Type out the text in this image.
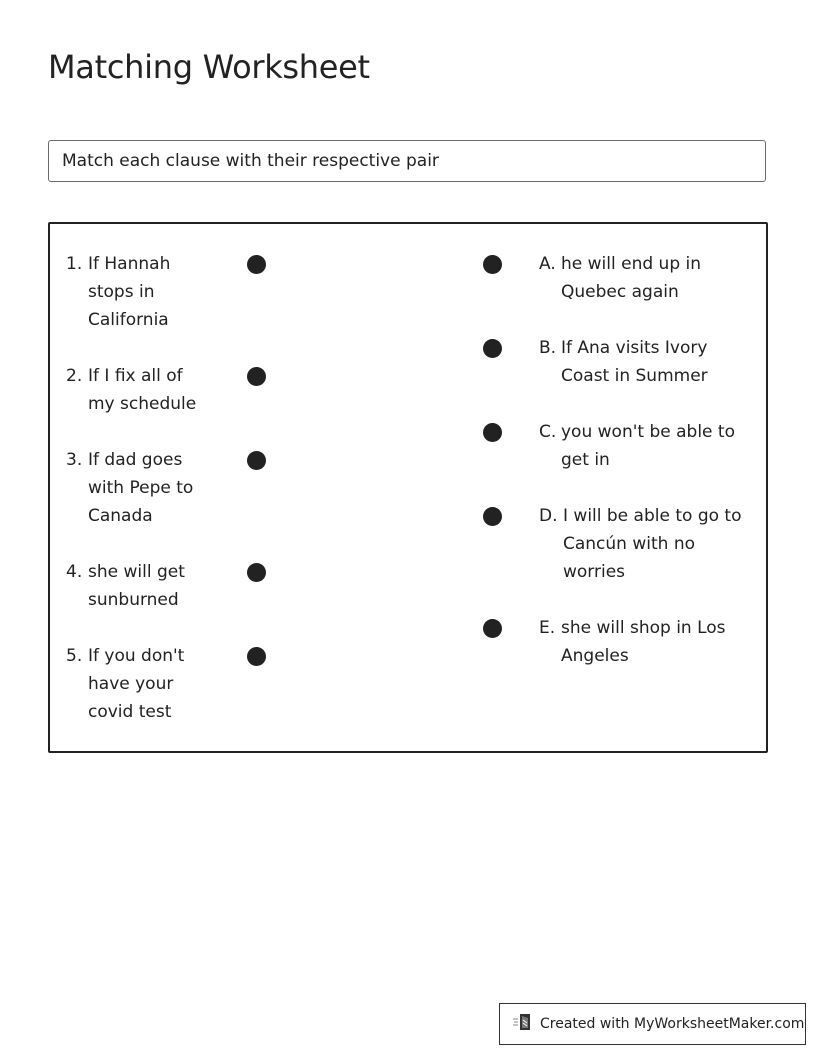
Matching Worksheet
Match each clause with their respective pair
1. If Hannah
stops in
California
2. If I fix all of
my schedule
3. If dad goes
with Pepe to
Canada
4. she will get
sunburned
5. If you don't
have your
covid test
A. he will end up in
Quebec again
B. If Ana visits Ivory
Coast in Summer
C. you won't be able to
get in
D. I will be able to go to
Cancún with no
worries
E. she will shop in Los
Angeles
Created with MyWorksheetMaker.com
